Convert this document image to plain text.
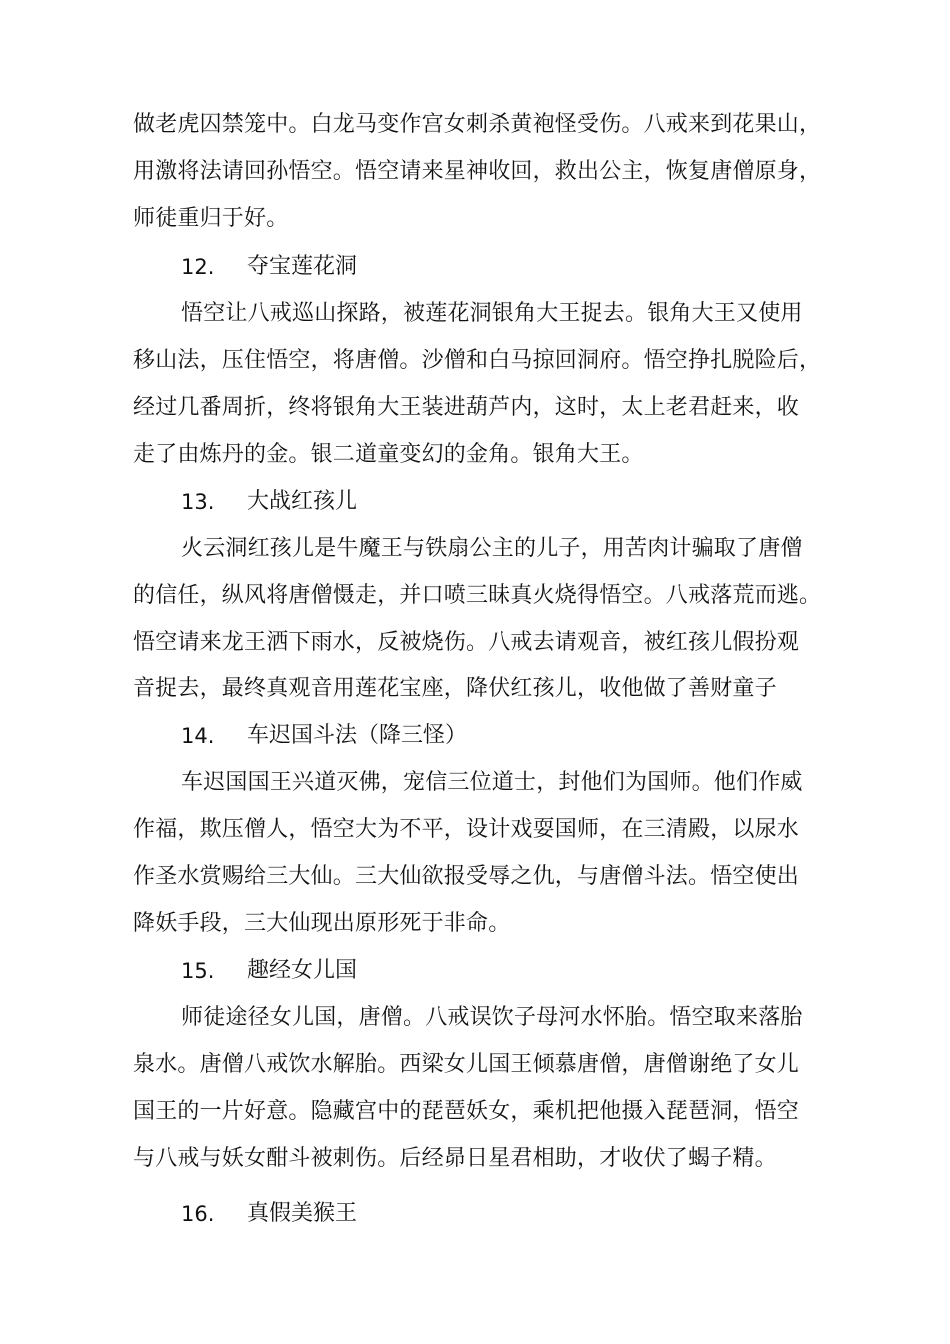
做老虎囚禁笼中。白龙马变作宫女刺杀黄袍怪受伤。八戒来到花果山，
用激将法请回孙悟空。悟空请来星神收回，救出公主，恢复唐僧原身，
师徒重归于好。
12. 夺宝莲花洞
悟空让八戒巡山探路，被莲花洞银角大王捉去。银角大王又使用
移山法，压住悟空，将唐僧。沙僧和白马掠回洞府。悟空挣扎脱险后，
经过几番周折，终将银角大王装进葫芦内，这时，太上老君赶来，收
走了由炼丹的金。银二道童变幻的金角。银角大王。
13. 大战红孩儿
火云洞红孩儿是牛魔王与铁扇公主的儿子，用苦肉计骗取了唐僧
的信任，纵风将唐僧慑走，并口喷三昧真火烧得悟空。八戒落荒而逃。
悟空请来龙王洒下雨水，反被烧伤。八戒去请观音，被红孩儿假扮观
音捉去，最终真观音用莲花宝座，降伏红孩儿，收他做了善财童子
14. 车迟国斗法（降三怪）
车迟国国王兴道灭佛，宠信三位道士，封他们为国师。他们作威
作福，欺压僧人，悟空大为不平，设计戏耍国师，在三清殿，以尿水
作圣水赏赐给三大仙。三大仙欲报受辱之仇，与唐僧斗法。悟空使出
降妖手段，三大仙现出原形死于非命。
15. 趣经女儿国
师徒途径女儿国，唐僧。八戒误饮子母河水怀胎。悟空取来落胎
泉水。唐僧八戒饮水解胎。西梁女儿国王倾慕唐僧，唐僧谢绝了女儿
国王的一片好意。隐藏宫中的琵琶妖女，乘机把他摄入琵琶洞，悟空
与八戒与妖女酣斗被刺伤。后经昴日星君相助，才收伏了蝎子精。
16. 真假美猴王
